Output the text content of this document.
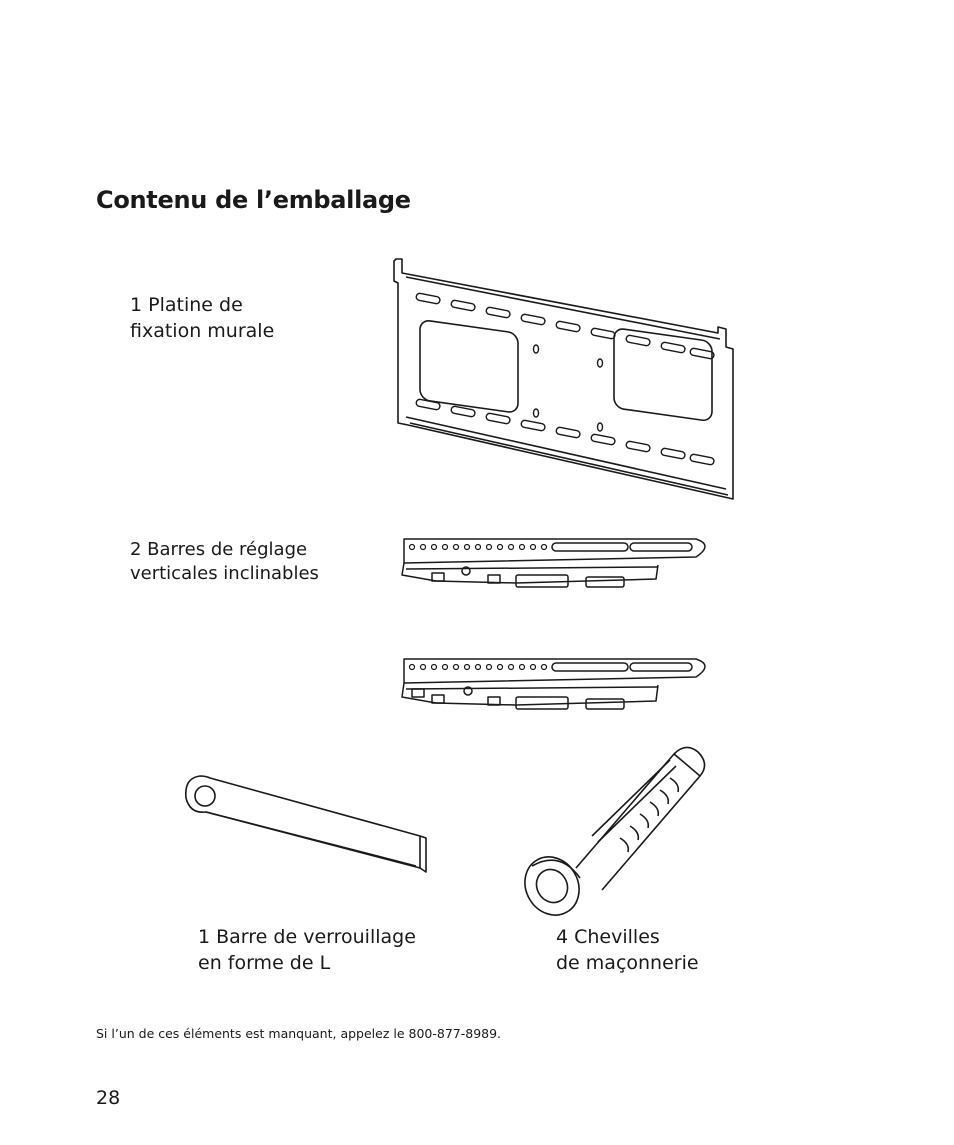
Contenu de l’emballage
1 Platine de
fixation murale
2 Barres de réglage
verticales inclinables
1 Barre de verrouillage
en forme de L
4 Chevilles
de maçonnerie

Si l’un de ces éléments est manquant, appelez le 800-877-8989.

28
